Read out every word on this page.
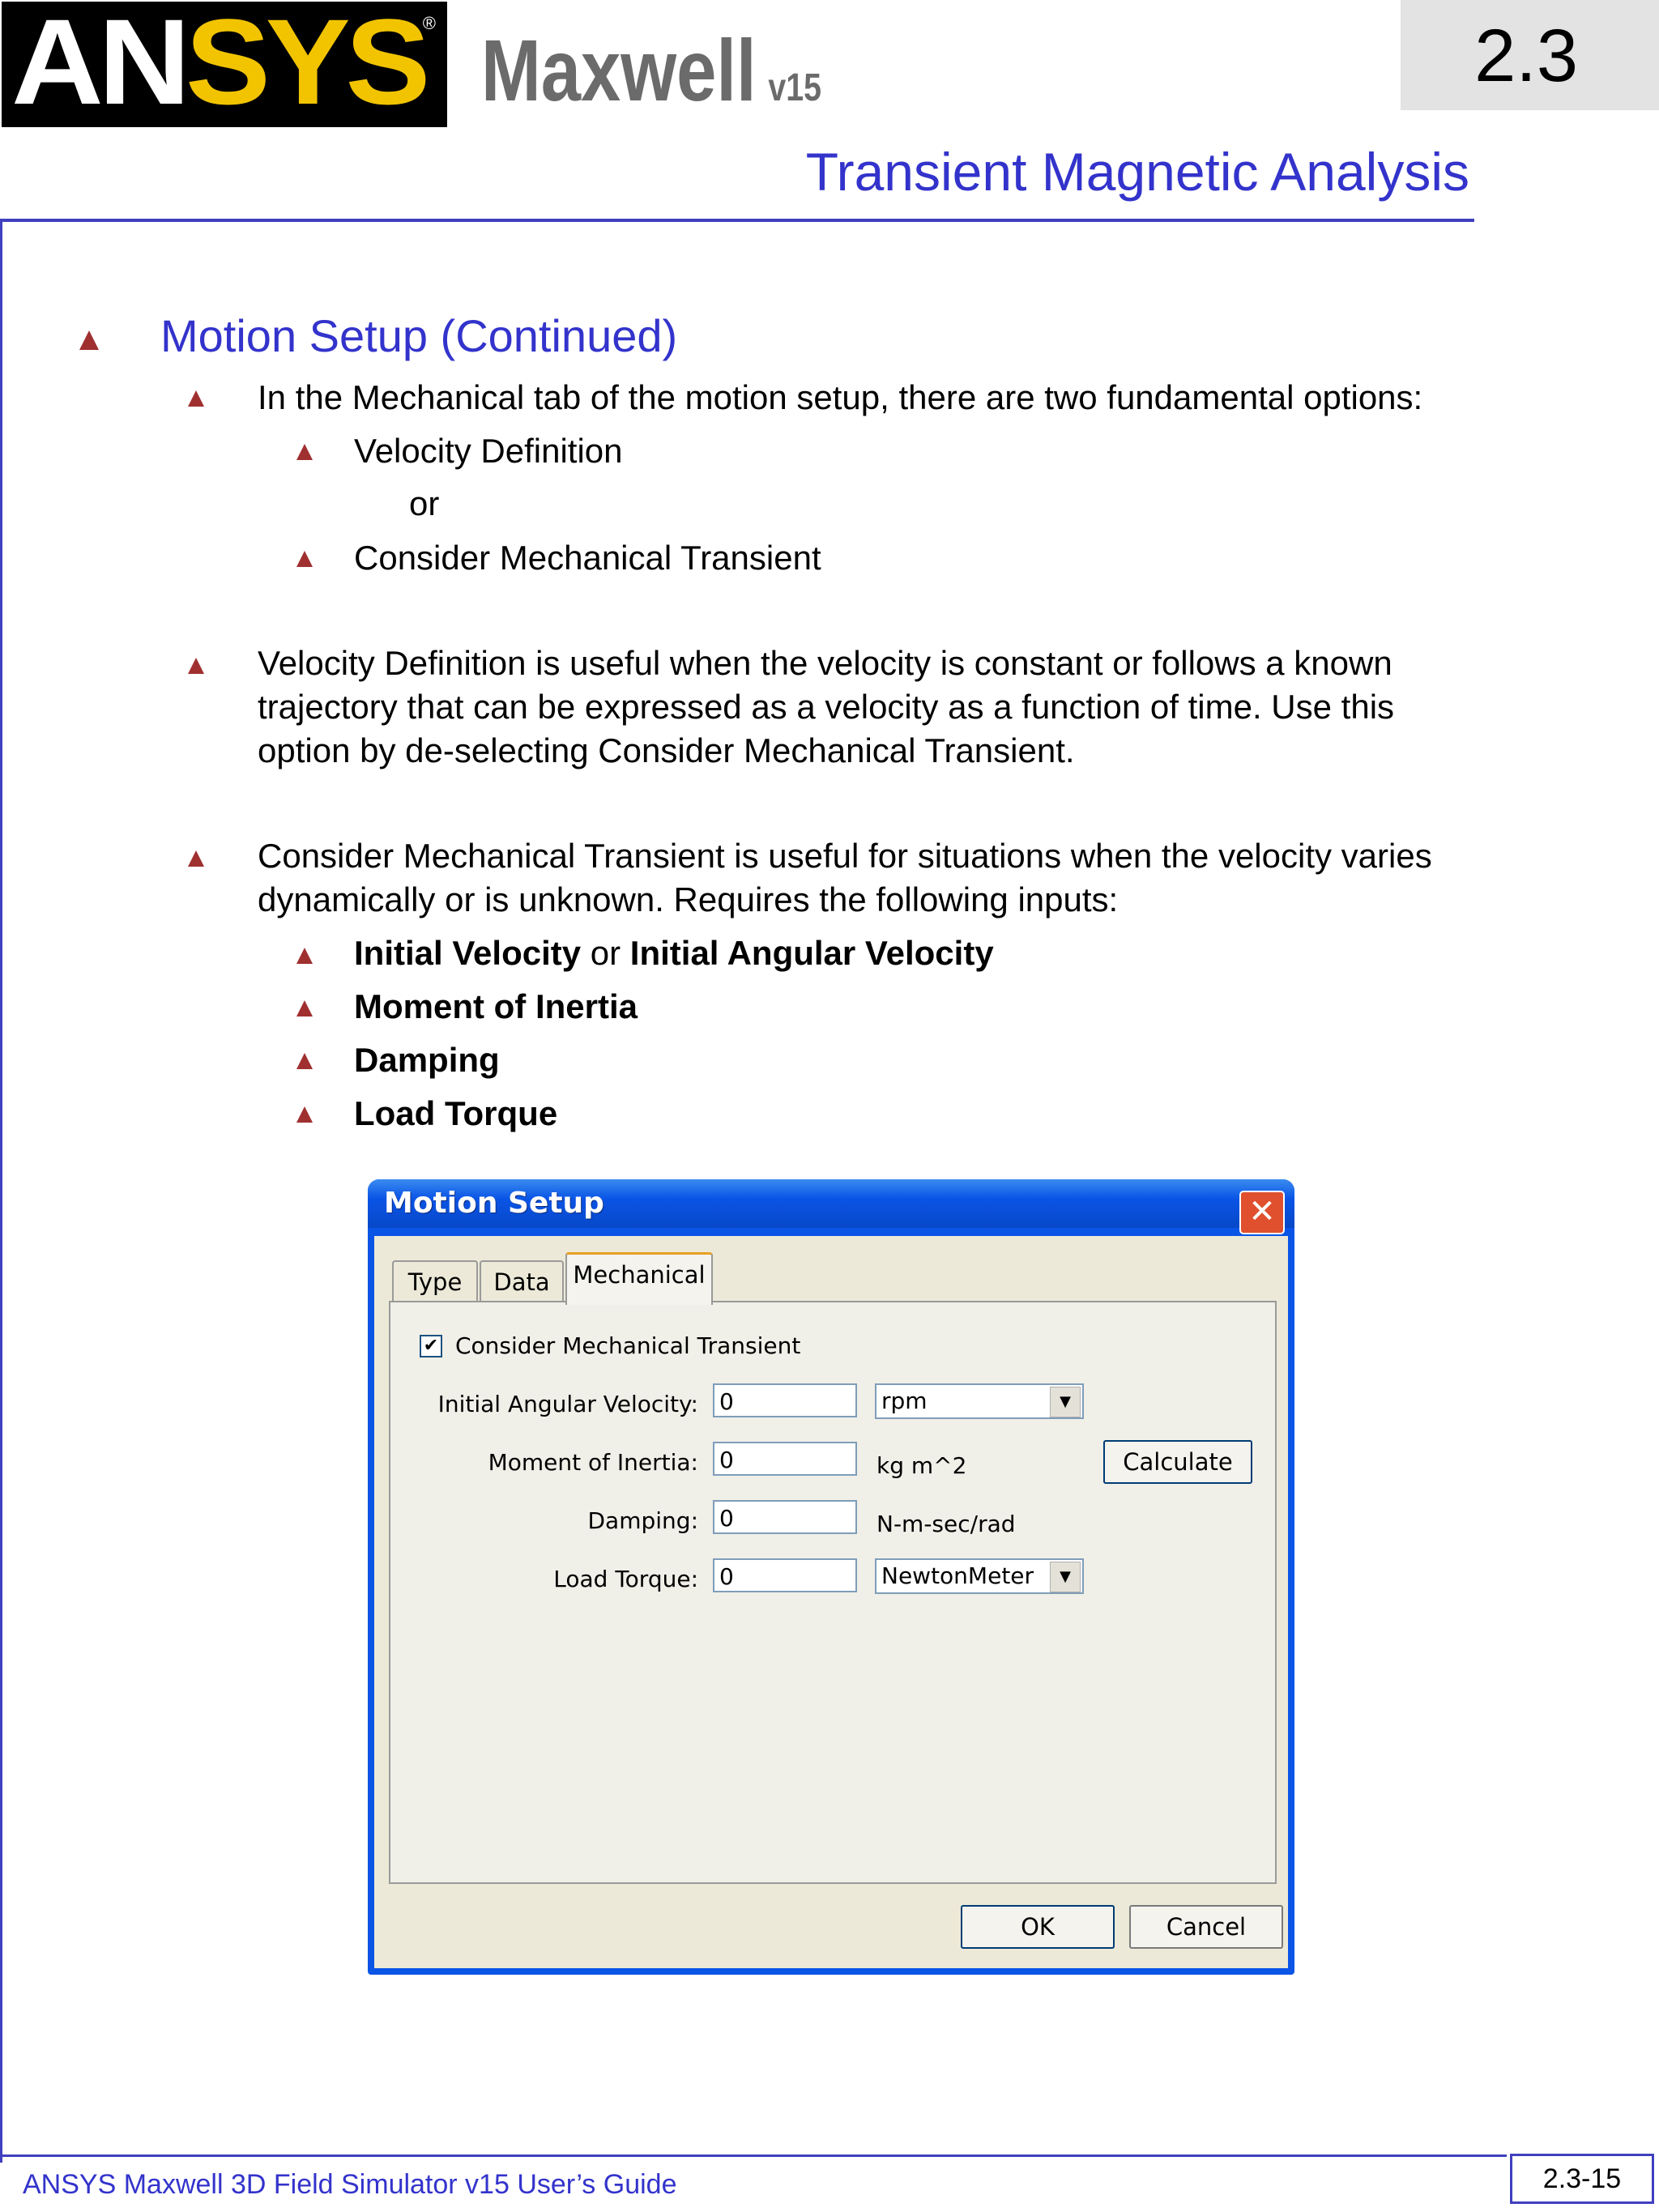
ANSYS
® Maxwell v15	2.3
Transient Magnetic Analysis
Motion Setup (Continued)
In the Mechanical tab of the motion setup, there are two fundamental options:
Velocity Definition
or
Consider Mechanical Transient
Velocity Definition is useful when the velocity is constant or follows a known
trajectory that can be expressed as a velocity as a function of time. Use this
option by de-selecting Consider Mechanical Transient.
Consider Mechanical Transient is useful for situations when the velocity varies
dynamically or is unknown. Requires the following inputs:
Initial Velocity or Initial Angular Velocity
Moment of Inertia
Damping
Load Torque
Motion Setup	✕
Type	Data Mechanical
✔ Consider Mechanical Transient
Initial Angular Velocity: 0	rpm	▼
Moment of Inertia: 0	kg m^2	Calculate
Damping: 0	N-m-sec/rad
Load Torque: 0	NewtonMeter	▼
OK	Cancel
ANSYS Maxwell 3D Field Simulator v15 User’s Guide	2.3-15
